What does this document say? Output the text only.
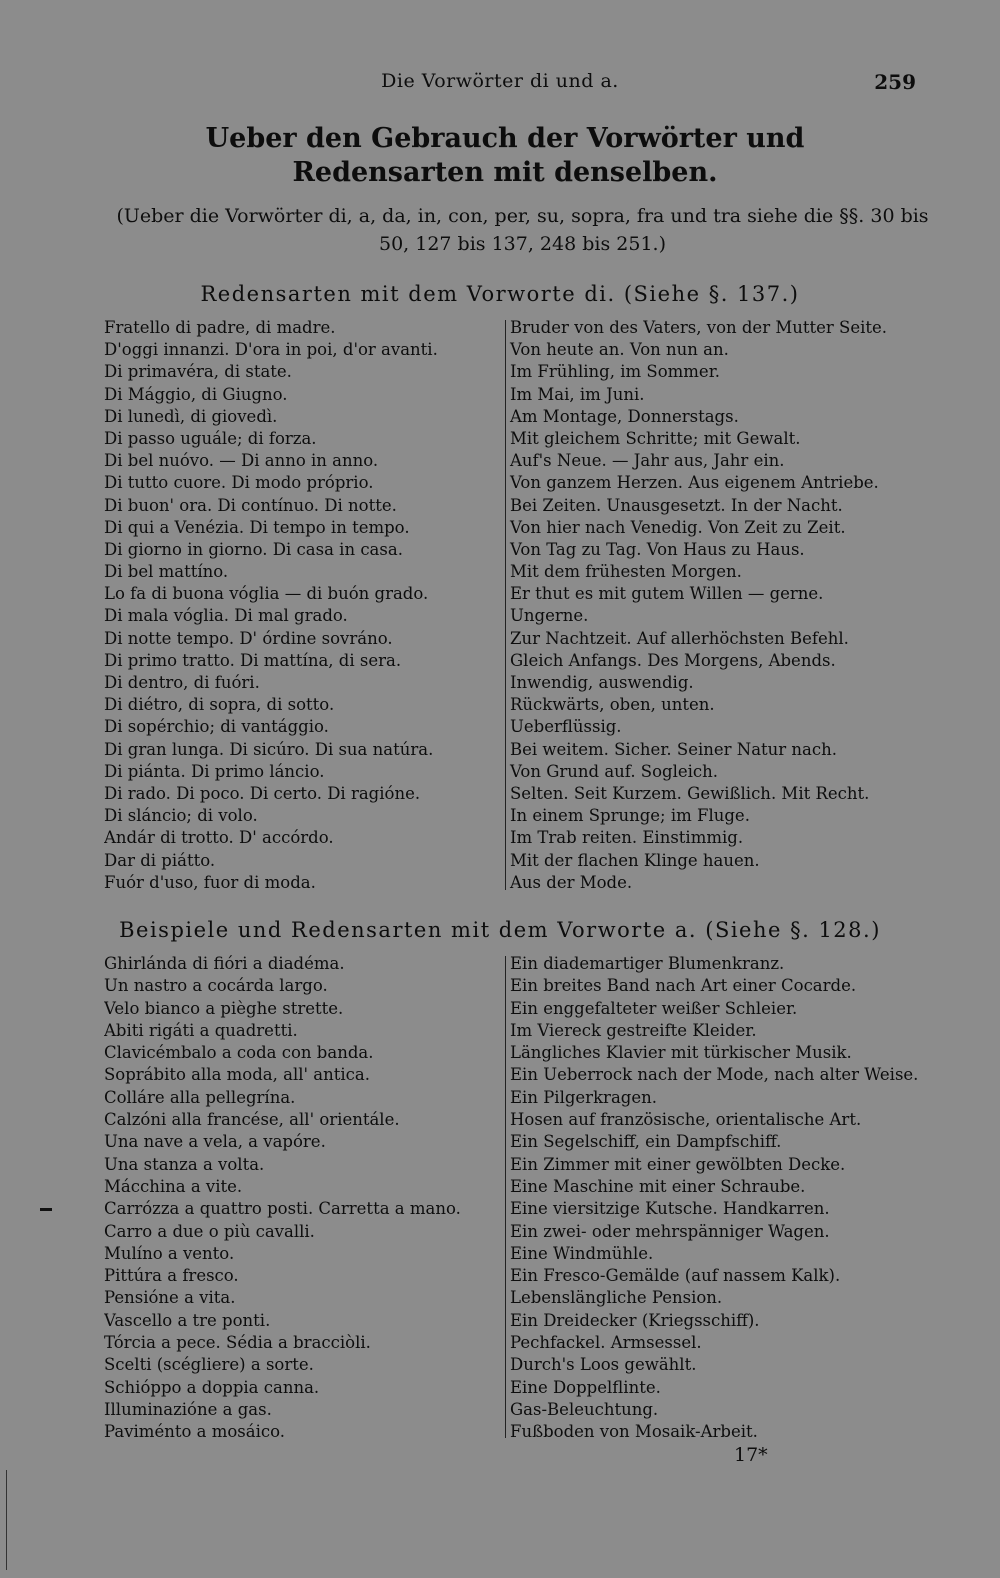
Die Vorwörter di und a.	259
Ueber den Gebrauch der Vorwörter und Redensarten mit denselben.
(Ueber die Vorwörter di, a, da, in, con, per, su, sopra, fra und tra siehe die §§. 30 bis 50, 127 bis 137, 248 bis 251.)
Redensarten mit dem Vorworte di. (Siehe §. 137.)
Fratello di padre, di madre.	Bruder von des Vaters, von der Mutter Seite.
D'oggi innanzi. D'ora in poi, d'or avanti.	Von heute an. Von nun an.
Di primavéra, di state.	Im Frühling, im Sommer.
Di Mággio, di Giugno.	Im Mai, im Juni.
Di lunedì, di giovedì.	Am Montage, Donnerstags.
Di passo uguále; di forza.	Mit gleichem Schritte; mit Gewalt.
Di bel nuóvo. — Di anno in anno.	Auf's Neue. — Jahr aus, Jahr ein.
Di tutto cuore. Di modo próprio.	Von ganzem Herzen. Aus eigenem Antriebe.
Di buon' ora. Di contínuo. Di notte.	Bei Zeiten. Unausgesetzt. In der Nacht.
Di qui a Venézia. Di tempo in tempo.	Von hier nach Venedig. Von Zeit zu Zeit.
Di giorno in giorno. Di casa in casa.	Von Tag zu Tag. Von Haus zu Haus.
Di bel mattíno.	Mit dem frühesten Morgen.
Lo fa di buona vóglia — di buón grado.	Er thut es mit gutem Willen — gerne.
Di mala vóglia. Di mal grado.	Ungerne.
Di notte tempo. D' órdine sovráno.	Zur Nachtzeit. Auf allerhöchsten Befehl.
Di primo tratto. Di mattína, di sera.	Gleich Anfangs. Des Morgens, Abends.
Di dentro, di fuóri.	Inwendig, auswendig.
Di diétro, di sopra, di sotto.	Rückwärts, oben, unten.
Di sopérchio; di vantággio.	Ueberflüssig.
Di gran lunga. Di sicúro. Di sua natúra.	Bei weitem. Sicher. Seiner Natur nach.
Di piánta. Di primo láncio.	Von Grund auf. Sogleich.
Di rado. Di poco. Di certo. Di ragióne.	Selten. Seit Kurzem. Gewißlich. Mit Recht.
Di sláncio; di volo.	In einem Sprunge; im Fluge.
Andár di trotto. D' accórdo.	Im Trab reiten. Einstimmig.
Dar di piátto.	Mit der flachen Klinge hauen.
Fuór d'uso, fuor di moda.	Aus der Mode.
Beispiele und Redensarten mit dem Vorworte a. (Siehe §. 128.)
Ghirlánda di fióri a diadéma.	Ein diademartiger Blumenkranz.
Un nastro a cocárda largo.	Ein breites Band nach Art einer Cocarde.
Velo bianco a pièghe strette.	Ein enggefalteter weißer Schleier.
Abiti rigáti a quadretti.	Im Viereck gestreifte Kleider.
Clavicémbalo a coda con banda.	Längliches Klavier mit türkischer Musik.
Soprábito alla moda, all' antica.	Ein Ueberrock nach der Mode, nach alter Weise.
Colláre alla pellegrína.	Ein Pilgerkragen.
Calzóni alla francése, all' orientále.	Hosen auf französische, orientalische Art.
Una nave a vela, a vapóre.	Ein Segelschiff, ein Dampfschiff.
Una stanza a volta.	Ein Zimmer mit einer gewölbten Decke.
Mácchina a vite.	Eine Maschine mit einer Schraube.
Carrózza a quattro posti. Carretta a mano.	Eine viersitzige Kutsche. Handkarren.
Carro a due o più cavalli.	Ein zwei- oder mehrspänniger Wagen.
Mulíno a vento.	Eine Windmühle.
Pittúra a fresco.	Ein Fresco-Gemälde (auf nassem Kalk).
Pensióne a vita.	Lebenslängliche Pension.
Vascello a tre ponti.	Ein Dreidecker (Kriegsschiff).
Tórcia a pece. Sédia a bracciòli.	Pechfackel. Armsessel.
Scelti (scégliere) a sorte.	Durch's Loos gewählt.
Schióppo a doppia canna.	Eine Doppelflinte.
Illuminazióne a gas.	Gas-Beleuchtung.
Paviménto a mosáico.	Fußboden von Mosaik-Arbeit.
17*
